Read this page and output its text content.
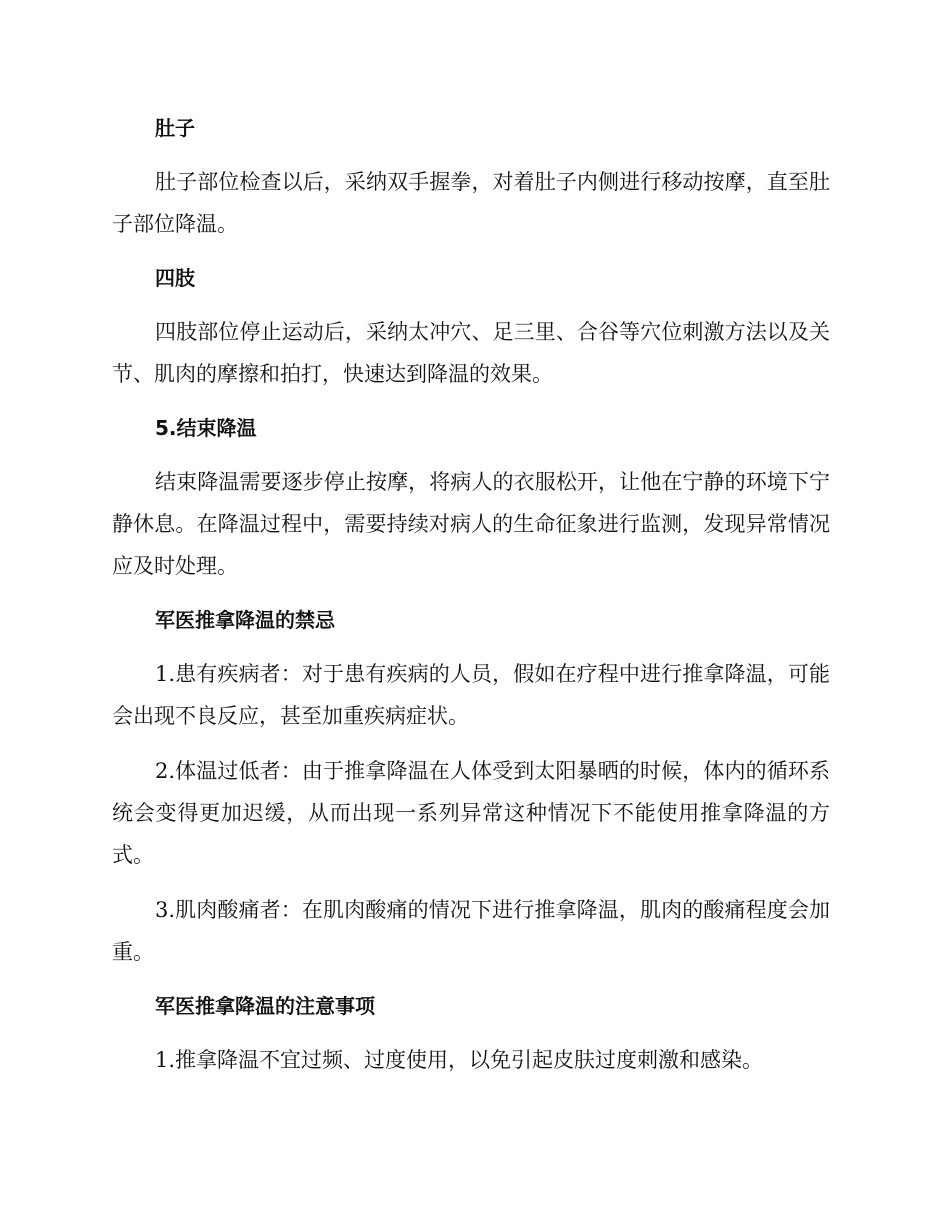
肚子

肚子部位检查以后，采纳双手握拳，对着肚子内侧进行移动按摩，直至肚子部位降温。

四肢

四肢部位停止运动后，采纳太冲穴、足三里、合谷等穴位刺激方法以及关节、肌肉的摩擦和拍打，快速达到降温的效果。

5.结束降温

结束降温需要逐步停止按摩，将病人的衣服松开，让他在宁静的环境下宁静休息。在降温过程中，需要持续对病人的生命征象进行监测，发现异常情况应及时处理。

军医推拿降温的禁忌

1.患有疾病者：对于患有疾病的人员，假如在疗程中进行推拿降温，可能会出现不良反应，甚至加重疾病症状。

2.体温过低者：由于推拿降温在人体受到太阳暴晒的时候，体内的循环系统会变得更加迟缓，从而出现一系列异常这种情况下不能使用推拿降温的方式。

3.肌肉酸痛者：在肌肉酸痛的情况下进行推拿降温，肌肉的酸痛程度会加重。

军医推拿降温的注意事项

1.推拿降温不宜过频、过度使用，以免引起皮肤过度刺激和感染。
